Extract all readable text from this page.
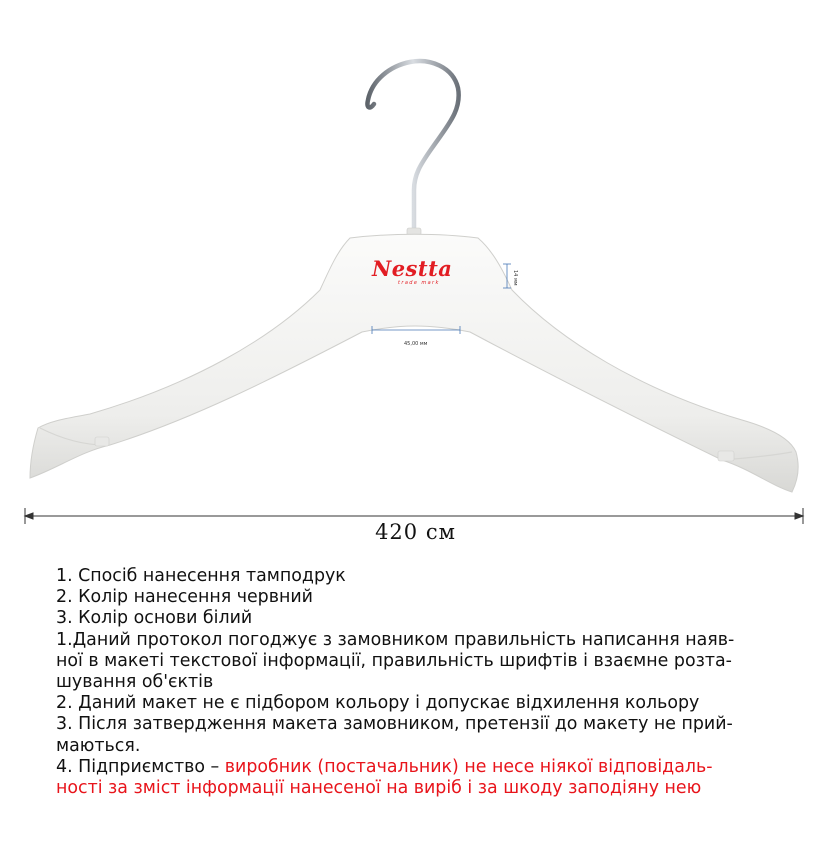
Nestta
trade mark	14 мм
45,00 мм
420 см
1. Спосіб нанесення тамподрук
2. Колір нанесення червний
3. Колір основи білий
1.Даний протокол погоджує з замовником правильність написання наяв-
ної в макеті текстової інформації, правильність шрифтів і взаємне розта-
шування об'єктів
2. Даний макет не є підбором кольору і допускає відхилення кольору
3. Після затвердження макета замовником, претензії до макету не прий-
маються.
4. Підприємство – виробник (постачальник) не несе ніякої відповідаль-
ності за зміст інформації нанесеної на виріб і за шкоду заподіяну нею
